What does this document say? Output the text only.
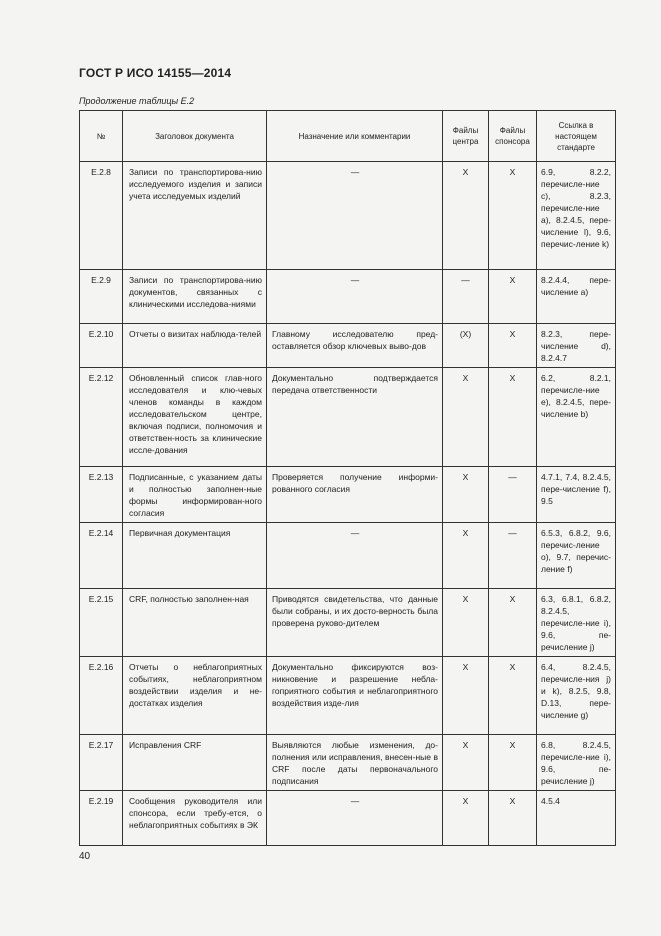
ГОСТ Р ИСО 14155—2014
Продолжение таблицы Е.2
№	Заголовок документа	Назначение или комментарии	Файлы центра	Файлы спонсора	Ссылка в настоящем стандарте

Е.2.8	Записи по транспортирова-нию исследуемого изделия и записи учета исследуемых изделий	—	X	X	6.9, 8.2.2, перечисле-ние c), 8.2.3, перечисле-ние a), 8.2.4.5, пере-числение l), 9.6, перечис-ление k)

Е.2.9	Записи по транспортирова-нию документов, связанных с клиническими исследова-ниями	—	—	X	8.2.4.4, пере-числение a)

Е.2.10	Отчеты о визитах наблюда-телей	Главному исследователю пред-оставляется обзор ключевых выво-дов	(X)	X	8.2.3, пере-числение d), 8.2.4.7

Е.2.12	Обновленный список глав-ного исследователя и клю-чевых членов команды в каждом исследовательском центре, включая подписи, полномочия и ответствен-ность за клинические иссле-дования	Документально подтверждается передача ответственности	X	X	6.2, 8.2.1, перечисле-ние e), 8.2.4.5, пере-числение b)

Е.2.13	Подписанные, с указанием даты и полностью заполнен-ные формы информирован-ного согласия	Проверяется получение информи-рованного согласия	X	—	4.7.1, 7.4, 8.2.4.5, пере-числение f), 9.5

Е.2.14	Первичная документация	—	X	—	6.5.3, 6.8.2, 9.6, перечис-ление o), 9.7, перечис-ление f)

Е.2.15	CRF, полностью заполнен-ная	Приводятся свидетельства, что данные были собраны, и их досто-верность была проверена руково-дителем	X	X	6.3, 6.8.1, 6.8.2, 8.2.4.5, перечисле-ние i), 9.6, пе-речисление j)

Е.2.16	Отчеты о неблагоприятных событиях, неблагоприятном воздействии изделия и не-достатках изделия	Документально фиксируются воз-никновение и разрешение небла-гоприятного события и неблагоприятного воздействия изде-лия	X	X	6.4, 8.2.4.5, перечисле-ния j) и k), 8.2.5, 9.8, D.13, пере-числение g)

Е.2.17	Исправления CRF	Выявляются любые изменения, до-полнения или исправления, внесен-ные в CRF после даты первоначального подписания	X	X	6.8, 8.2.4.5, перечисле-ние i), 9.6, пе-речисление j)

Е.2.19	Сообщения руководителя или спонсора, если требу-ется, о неблагоприятных событиях в ЭК	—	X	X	4.5.4
40
